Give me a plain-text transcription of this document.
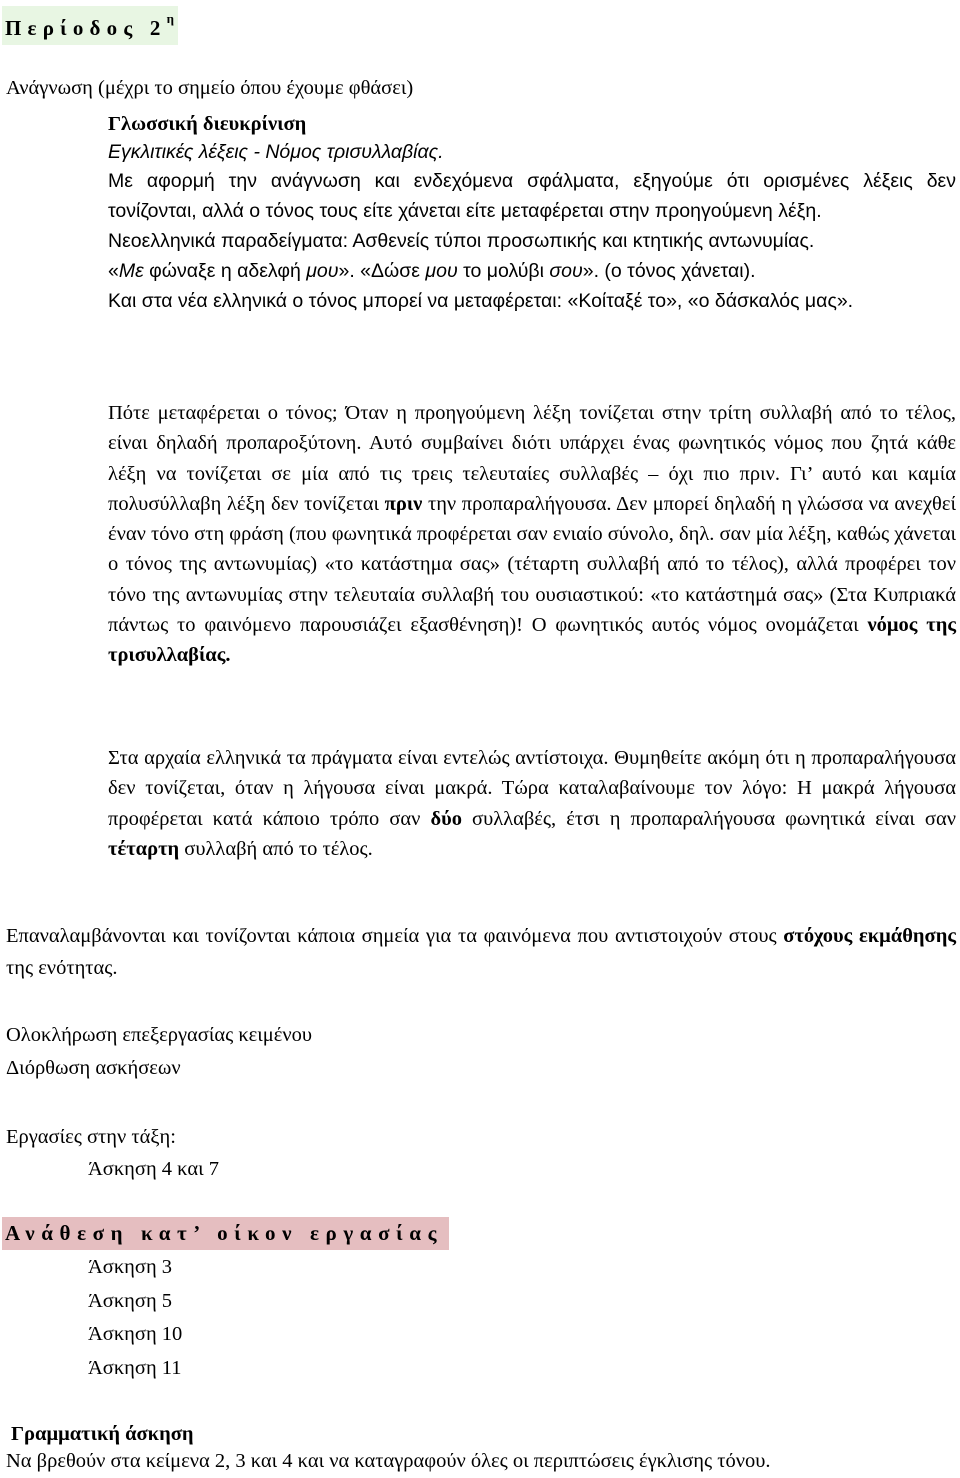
Περίοδος $2^\eta$
Ανάγνωση (μέχρι το σημείο όπου έχουμε φθάσει)
Γλωσσική διευκρίνιση
Εγκλιτικές λέξεις - Νόμος τρισυλλαβίας.
Με αφορμή την ανάγνωση και ενδεχόμενα σφάλματα, εξηγούμε ότι ορισμένες λέξεις δεν τονίζονται, αλλά ο τόνος τους είτε χάνεται είτε μεταφέρεται στην προηγούμενη λέξη.
Νεοελληνικά παραδείγματα: Ασθενείς τύποι προσωπικής και κτητικής αντωνυμίας.
«Με φώναξε η αδελφή μου». «Δώσε μου το μολύβι σου». (ο τόνος χάνεται).
Και στα νέα ελληνικά ο τόνος μπορεί να μεταφέρεται: «Κοίταξέ το», «ο δάσκαλός μας».
Πότε μεταφέρεται ο τόνος; Όταν η προηγούμενη λέξη τονίζεται στην τρίτη συλλαβή από το τέλος, είναι δηλαδή προπαροξύτονη. Αυτό συμβαίνει διότι υπάρχει ένας φωνητικός νόμος που ζητά κάθε λέξη να τονίζεται σε μία από τις τρεις τελευταίες συλλαβές – όχι πιο πριν. Γι’ αυτό και καμία πολυσύλλαβη λέξη δεν τονίζεται πριν την προπαραλήγουσα. Δεν μπορεί δηλαδή η γλώσσα να ανεχθεί έναν τόνο στη φράση (που φωνητικά προφέρεται σαν ενιαίο σύνολο, δηλ. σαν μία λέξη, καθώς χάνεται ο τόνος της αντωνυμίας) «το κατάστημα σας» (τέταρτη συλλαβή από το τέλος), αλλά προφέρει τον τόνο της αντωνυμίας στην τελευταία συλλαβή του ουσιαστικού: «το κατάστημά σας» (Στα Κυπριακά πάντως το φαινόμενο παρουσιάζει εξασθένηση)! Ο φωνητικός αυτός νόμος ονομάζεται νόμος της τρισυλλαβίας.
Στα αρχαία ελληνικά τα πράγματα είναι εντελώς αντίστοιχα. Θυμηθείτε ακόμη ότι η προπαραλήγουσα δεν τονίζεται, όταν η λήγουσα είναι μακρά. Τώρα καταλαβαίνουμε τον λόγο: Η μακρά λήγουσα προφέρεται κατά κάποιο τρόπο σαν δύο συλλαβές, έτσι η προπαραλήγουσα φωνητικά είναι σαν τέταρτη συλλαβή από το τέλος.
Επαναλαμβάνονται και τονίζονται κάποια σημεία για τα φαινόμενα που αντιστοιχούν στους στόχους εκμάθησης της ενότητας.
Ολοκλήρωση επεξεργασίας κειμένου
Διόρθωση ασκήσεων
Εργασίες στην τάξη:
Άσκηση 4 και 7
Ανάθεση κατ’ οίκον εργασίας
Άσκηση 3
Άσκηση 5
Άσκηση 10
Άσκηση 11
Γραμματική άσκηση
Να βρεθούν στα κείμενα 2, 3 και 4 και να καταγραφούν όλες οι περιπτώσεις έγκλισης τόνου.
